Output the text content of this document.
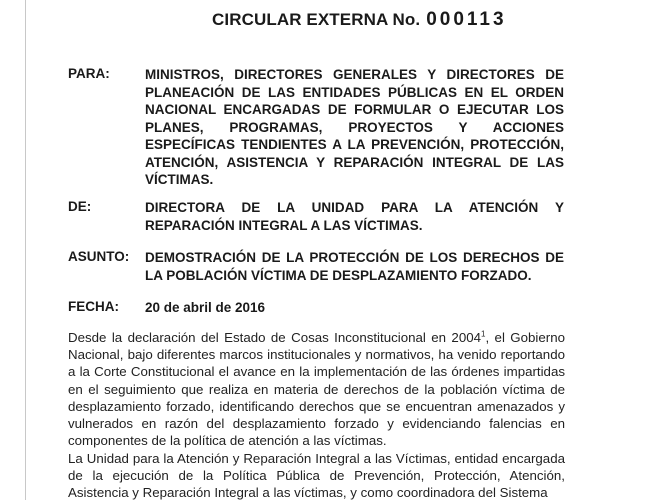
CIRCULAR EXTERNA No. 000113
PARA:	MINISTROS, DIRECTORES GENERALES Y DIRECTORES DE PLANEACIÓN DE LAS ENTIDADES PÚBLICAS EN EL ORDEN NACIONAL ENCARGADAS DE FORMULAR O EJECUTAR LOS PLANES, PROGRAMAS, PROYECTOS Y ACCIONES ESPECÍFICAS TENDIENTES A LA PREVENCIÓN, PROTECCIÓN, ATENCIÓN, ASISTENCIA Y REPARACIÓN INTEGRAL DE LAS VÍCTIMAS.
DE:	DIRECTORA DE LA UNIDAD PARA LA ATENCIÓN Y REPARACIÓN INTEGRAL A LAS VÍCTIMAS.
ASUNTO: DEMOSTRACIÓN DE LA PROTECCIÓN DE LOS DERECHOS DE LA POBLACIÓN VÍCTIMA DE DESPLAZAMIENTO FORZADO.
FECHA: 20 de abril de 2016
Desde la declaración del Estado de Cosas Inconstitucional en 2004$^1$, el Gobierno Nacional, bajo diferentes marcos institucionales y normativos, ha venido reportando a la Corte Constitucional el avance en la implementación de las órdenes impartidas en el seguimiento que realiza en materia de derechos de la población víctima de desplazamiento forzado, identificando derechos que se encuentran amenazados y vulnerados en razón del desplazamiento forzado y evidenciando falencias en componentes de la política de atención a las víctimas.
La Unidad para la Atención y Reparación Integral a las Víctimas, entidad encargada de la ejecución de la Política Pública de Prevención, Protección, Atención, Asistencia y Reparación Integral a las víctimas, y como coordinadora del Sistema
